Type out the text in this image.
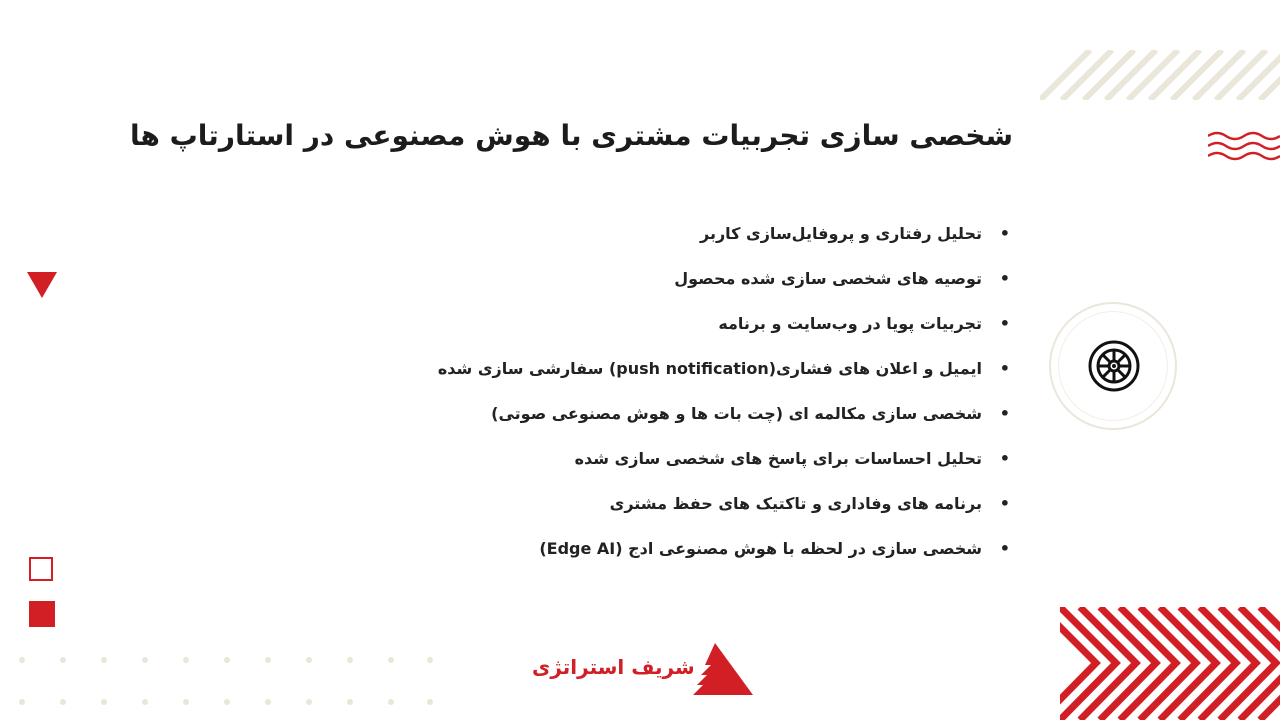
شخصی سازی تجربیات مشتری با هوش مصنوعی در استارتاپ ها
•
تحلیل رفتاری و پروفایل‌سازی کاربر
•
توصیه های شخصی سازی شده محصول
•
تجربیات پویا در وب‌سایت و برنامه
•
ایمیل و اعلان های فشاری(push notification) سفارشی سازی شده
•
شخصی سازی مکالمه ای (چت بات ها و هوش مصنوعی صوتی)
•
تحلیل احساسات برای پاسخ های شخصی سازی شده
•
برنامه های وفاداری و تاکتیک های حفظ مشتری
•
شخصی سازی در لحظه با هوش مصنوعی ادج (Edge AI)
شریف استراتژی
